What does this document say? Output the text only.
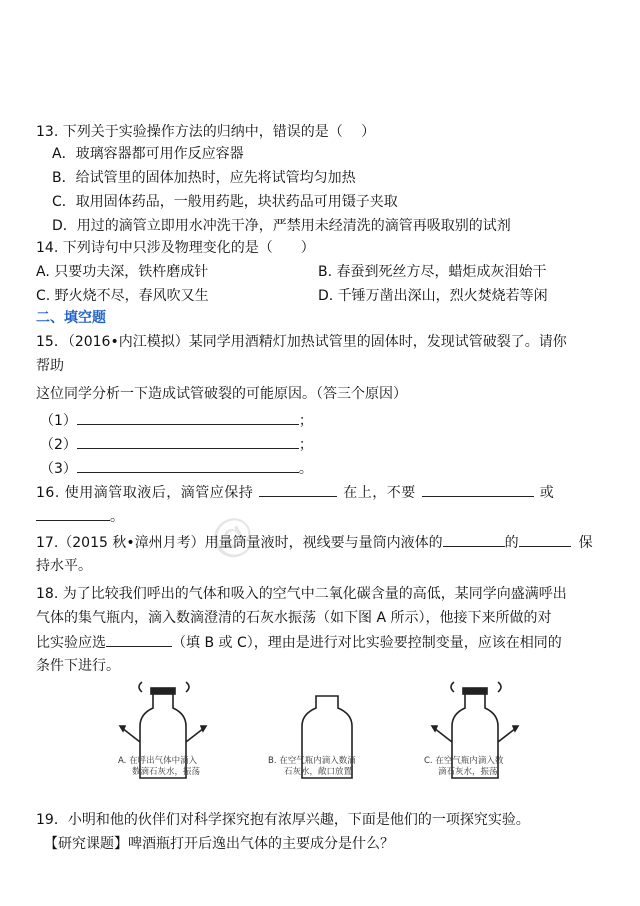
13. 下列关于实验操作方法的归纳中，错误的是（　 ）
A．玻璃容器都可用作反应容器
B．给试管里的固体加热时，应先将试管均匀加热
C．取用固体药品，一般用药匙，块状药品可用镊子夹取
D．用过的滴管立即用水冲洗干净，严禁用未经清洗的滴管再吸取别的试剂
14. 下列诗句中只涉及物理变化的是（　　）
A. 只要功夫深，铁杵磨成针	B. 春蚕到死丝方尽，蜡炬成灰泪始干
C. 野火烧不尽，春风吹又生	D. 千锤万凿出深山，烈火焚烧若等闲
二、填空题
15．（2016•内江模拟）某同学用酒精灯加热试管里的固体时，发现试管破裂了。请你
帮助
这位同学分析一下造成试管破裂的可能原因。（答三个原因）
（1）	；
（2）	；
（3）	。
16. 使用滴管取液后，滴管应保持	在上，不要	或
。
17.（2015 秋•漳州月考）用量筒量液时，视线要与量筒内液体的	的	保
持水平。
18. 为了比较我们呼出的气体和吸入的空气中二氧化碳含量的高低，某同学向盛满呼出
气体的集气瓶内，滴入数滴澄清的石灰水振荡（如下图 A 所示），他接下来所做的对
比实验应选	（填 B 或 C），理由是进行对比实验要控制变量，应该在相同的
条件下进行。
A. 在呼出气体中滴入
数滴石灰水，振荡
B. 在空气瓶内滴入数滴
石灰水，敞口放置
C. 在空气瓶内滴入数
滴石灰水，振荡
19．小明和他的伙伴们对科学探究抱有浓厚兴趣，下面是他们的一项探究实验。
【研究课题】啤酒瓶打开后逸出气体的主要成分是什么？
@
